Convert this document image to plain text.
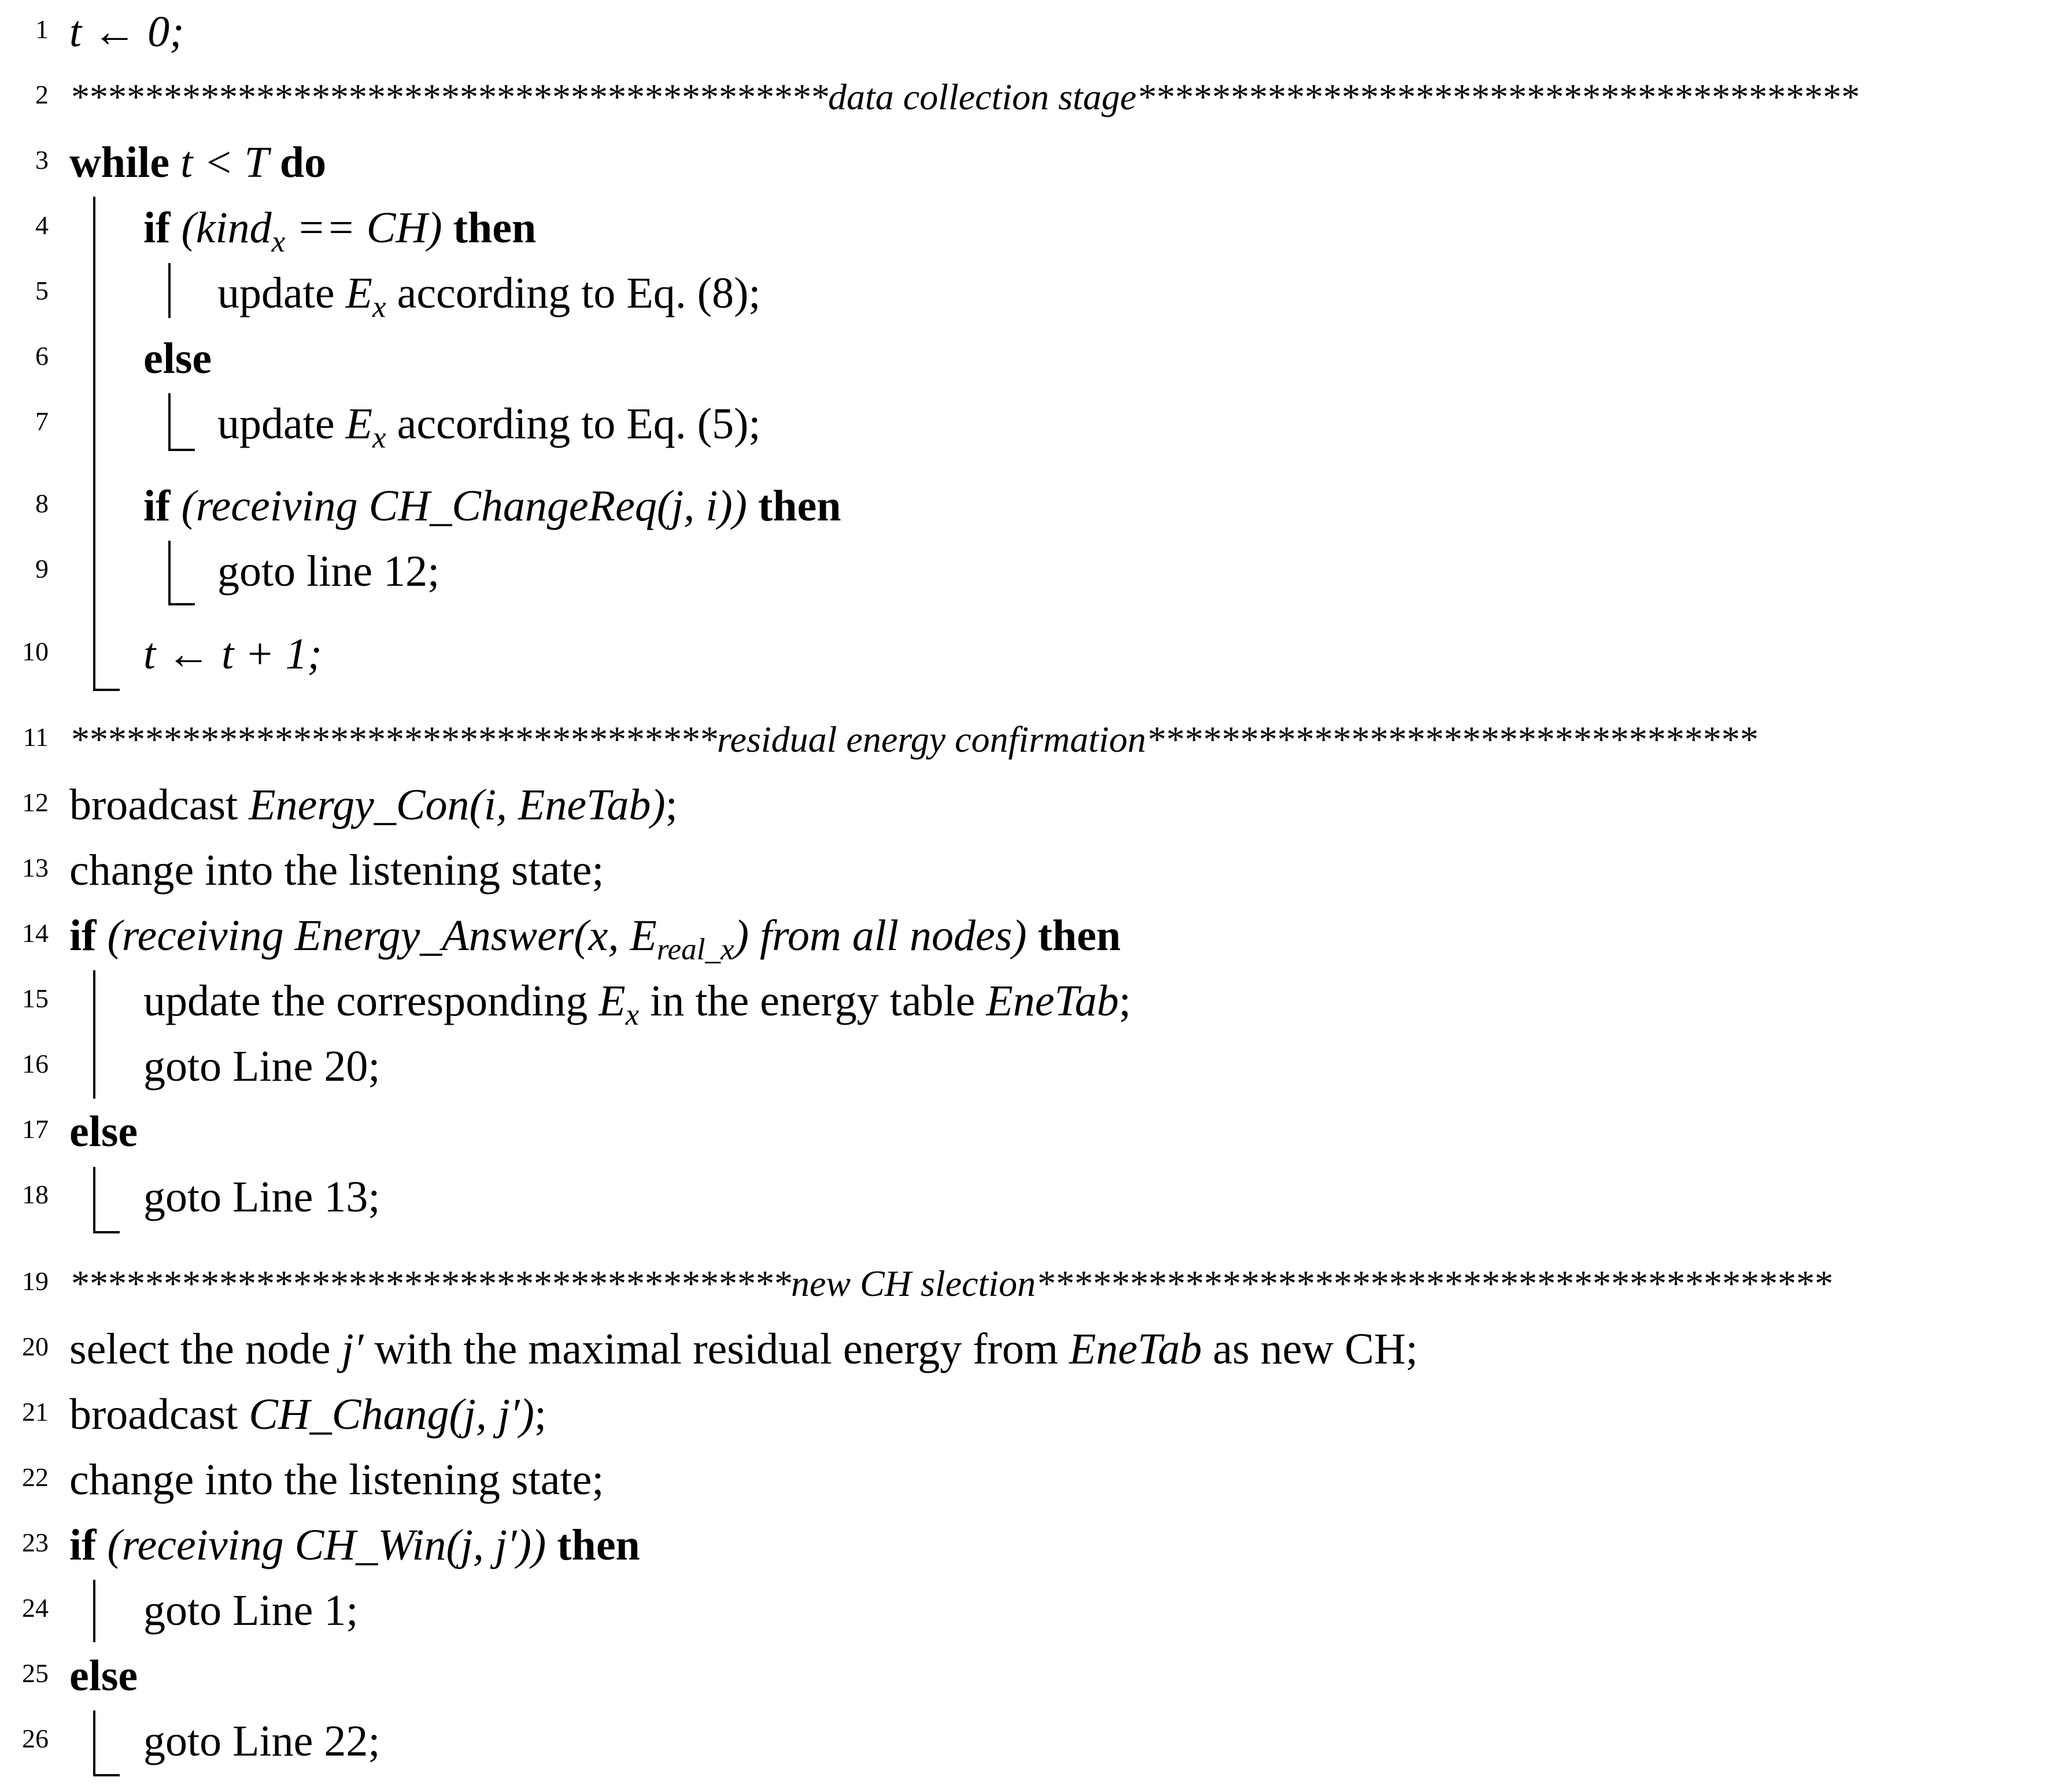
1 t ← 0;
2 *****************************************data collection stage***************************************
3 while t < T do
4 if (kind$_x$ == CH) then
5	update $E_x$ according to Eq. (8);
6 else
7	update $E_x$ according to Eq. (5);
8 if (receiving CH_ChangeReq(j, i)) then
9	goto line 12;
10 t ← t + 1;
11 ***********************************residual energy confirmation*********************************
12 broadcast Energy_Con(i, EneTab);
13 change into the listening state;
14 if (receiving Energy_Answer(x, $E_{real\_x}$) from all nodes) then
15 update the corresponding $E_x$ in the energy table EneTab;
16 goto Line 20;
17 else
18 goto Line 13;
19 ***************************************new CH slection*******************************************
20 select the node j′ with the maximal residual energy from EneTab as new CH;
21 broadcast CH_Chang(j, j′);
22 change into the listening state;
23 if (receiving CH_Win(j, j′)) then
24 goto Line 1;
25 else
26 goto Line 22;
